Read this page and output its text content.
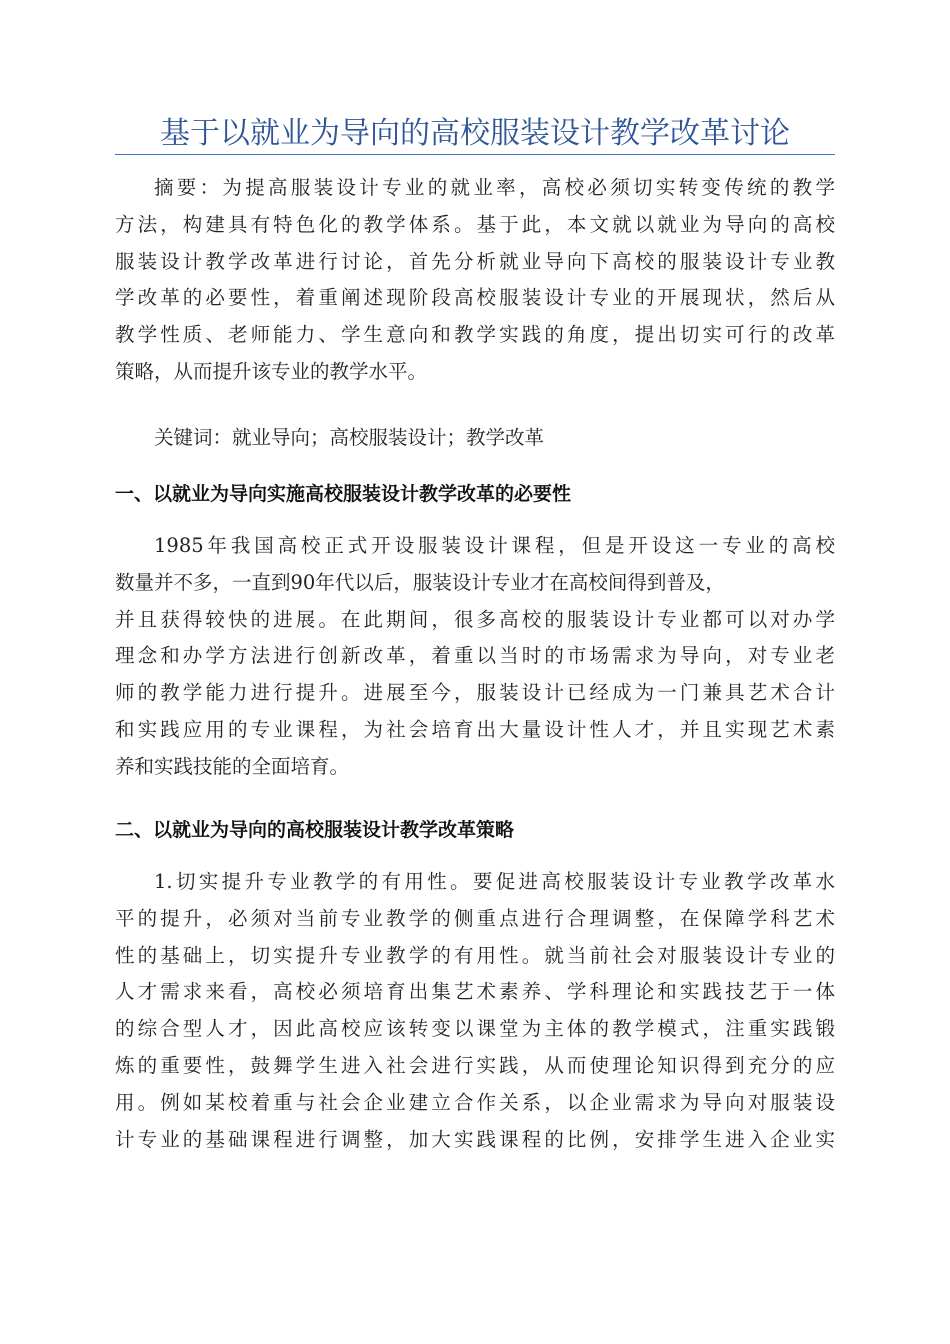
基于以就业为导向的高校服装设计教学改革讨论
摘要：为提高服装设计专业的就业率，高校必须切实转变传统的教学
方法，构建具有特色化的教学体系。基于此，本文就以就业为导向的高校
服装设计教学改革进行讨论，首先分析就业导向下高校的服装设计专业教
学改革的必要性，着重阐述现阶段高校服装设计专业的开展现状，然后从
教学性质、老师能力、学生意向和教学实践的角度，提出切实可行的改革
策略，从而提升该专业的教学水平。
关键词：就业导向；高校服装设计；教学改革
一、以就业为导向实施高校服装设计教学改革的必要性
1985年我国高校正式开设服装设计课程，但是开设这一专业的高校
数量并不多，一直到90年代以后，服装设计专业才在高校间得到普及，
并且获得较快的进展。在此期间，很多高校的服装设计专业都可以对办学
理念和办学方法进行创新改革，着重以当时的市场需求为导向，对专业老
师的教学能力进行提升。进展至今，服装设计已经成为一门兼具艺术合计
和实践应用的专业课程，为社会培育出大量设计性人才，并且实现艺术素
养和实践技能的全面培育。
二、以就业为导向的高校服装设计教学改革策略
1.切实提升专业教学的有用性。要促进高校服装设计专业教学改革水
平的提升，必须对当前专业教学的侧重点进行合理调整，在保障学科艺术
性的基础上，切实提升专业教学的有用性。就当前社会对服装设计专业的
人才需求来看，高校必须培育出集艺术素养、学科理论和实践技艺于一体
的综合型人才，因此高校应该转变以课堂为主体的教学模式，注重实践锻
炼的重要性，鼓舞学生进入社会进行实践，从而使理论知识得到充分的应
用。例如某校着重与社会企业建立合作关系，以企业需求为导向对服装设
计专业的基础课程进行调整，加大实践课程的比例，安排学生进入企业实
